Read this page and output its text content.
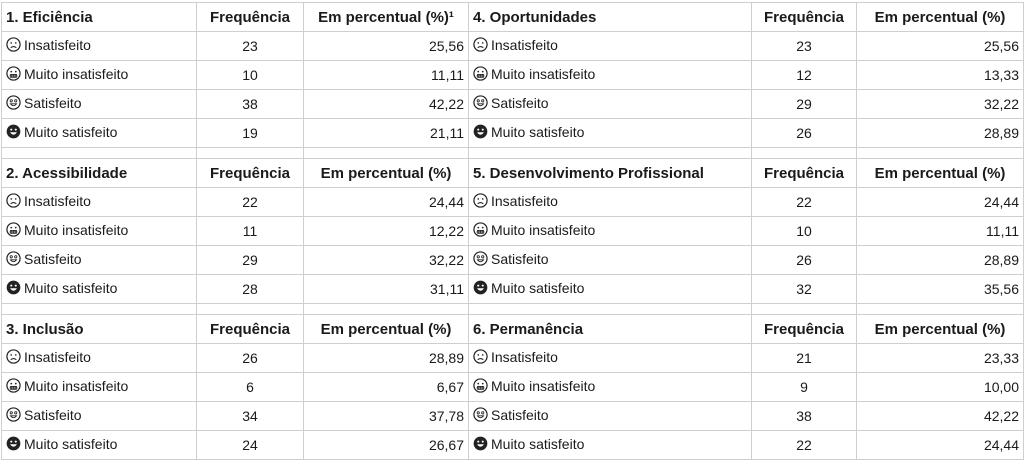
1. Eficiência	Frequência	Em percentual (%)¹	4. Oportunidades	Frequência	Em percentual (%)

Insatisfeito	23	25,56	Insatisfeito	23	25,56

Muito insatisfeito	10	11,11	Muito insatisfeito	12	13,33

Satisfeito	38	42,22	Satisfeito	29	32,22

Muito satisfeito	19	21,11	Muito satisfeito	26	28,89

2. Acessibilidade	Frequência	Em percentual (%)	5. Desenvolvimento Profissional	Frequência	Em percentual (%)

Insatisfeito	22	24,44	Insatisfeito	22	24,44

Muito insatisfeito	11	12,22	Muito insatisfeito	10	11,11

Satisfeito	29	32,22	Satisfeito	26	28,89

Muito satisfeito	28	31,11	Muito satisfeito	32	35,56

3. Inclusão	Frequência	Em percentual (%)	6. Permanência	Frequência	Em percentual (%)

Insatisfeito	26	28,89	Insatisfeito	21	23,33

Muito insatisfeito	6	6,67	Muito insatisfeito	9	10,00

Satisfeito	34	37,78	Satisfeito	38	42,22

Muito satisfeito	24	26,67	Muito satisfeito	22	24,44
